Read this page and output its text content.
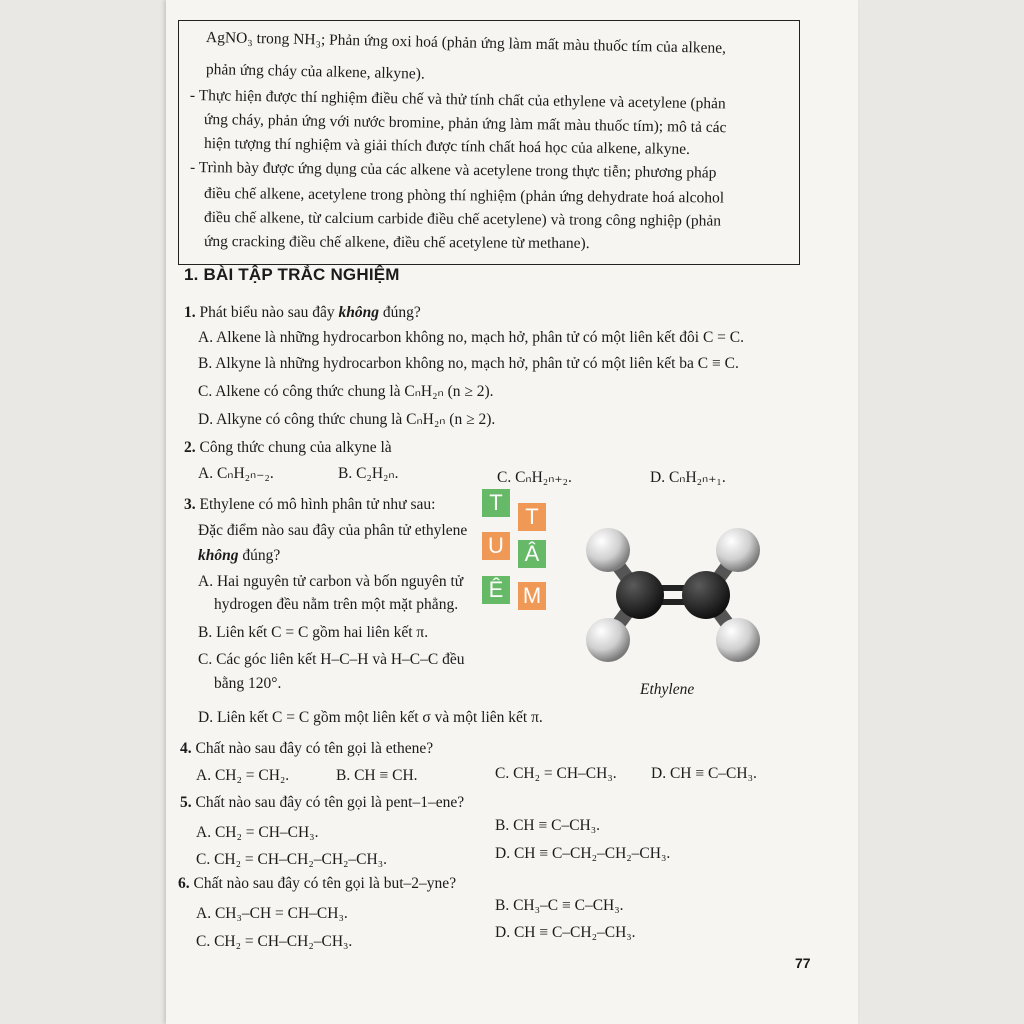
AgNO₃ trong NH₃; Phản ứng oxi hoá (phản ứng làm mất màu thuốc tím của alkene,
phản ứng cháy của alkene, alkyne).
- Thực hiện được thí nghiệm điều chế và thử tính chất của ethylene và acetylene (phản
ứng cháy, phản ứng với nước bromine, phản ứng làm mất màu thuốc tím); mô tả các
hiện tượng thí nghiệm và giải thích được tính chất hoá học của alkene, alkyne.
- Trình bày được ứng dụng của các alkene và acetylene trong thực tiễn; phương pháp
điều chế alkene, acetylene trong phòng thí nghiệm (phản ứng dehydrate hoá alcohol
điều chế alkene, từ calcium carbide điều chế acetylene) và trong công nghiệp (phản
ứng cracking điều chế alkene, điều chế acetylene từ methane).
1. BÀI TẬP TRẮC NGHIỆM
1. Phát biểu nào sau đây không đúng?
A. Alkene là những hydrocarbon không no, mạch hở, phân tử có một liên kết đôi C = C.
B. Alkyne là những hydrocarbon không no, mạch hở, phân tử có một liên kết ba C ≡ C.
C. Alkene có công thức chung là CₙH₂ₙ (n ≥ 2).
D. Alkyne có công thức chung là CₙH₂ₙ (n ≥ 2).
2. Công thức chung của alkyne là
A. CₙH₂ₙ₋₂.	B. C₂H₂ₙ.	C. CₙH₂ₙ₊₂.	D. CₙH₂ₙ₊₁.
3. Ethylene có mô hình phân tử như sau:
Đặc điểm nào sau đây của phân tử ethylene
không đúng?
A. Hai nguyên tử carbon và bốn nguyên tử
hydrogen đều nằm trên một mặt phẳng.
B. Liên kết C = C gồm hai liên kết π.
C. Các góc liên kết H–C–H và H–C–C đều
bằng 120°.
D. Liên kết C = C gồm một liên kết σ và một liên kết π.
Ethylene
T
T
U Â
Ê M
4. Chất nào sau đây có tên gọi là ethene?
A. CH₂ = CH₂.	B. CH ≡ CH.	C. CH₂ = CH–CH₃. D. CH ≡ C–CH₃.
5. Chất nào sau đây có tên gọi là pent–1–ene?
A. CH₂ = CH–CH₃.	B. CH ≡ C–CH₃.
C. CH₂ = CH–CH₂–CH₂–CH₃.	D. CH ≡ C–CH₂–CH₂–CH₃.
6. Chất nào sau đây có tên gọi là but–2–yne?
A. CH₃–CH = CH–CH₃.	B. CH₃–C ≡ C–CH₃.
C. CH₂ = CH–CH₂–CH₃.
D. CH ≡ C–CH₂–CH₃.
77
